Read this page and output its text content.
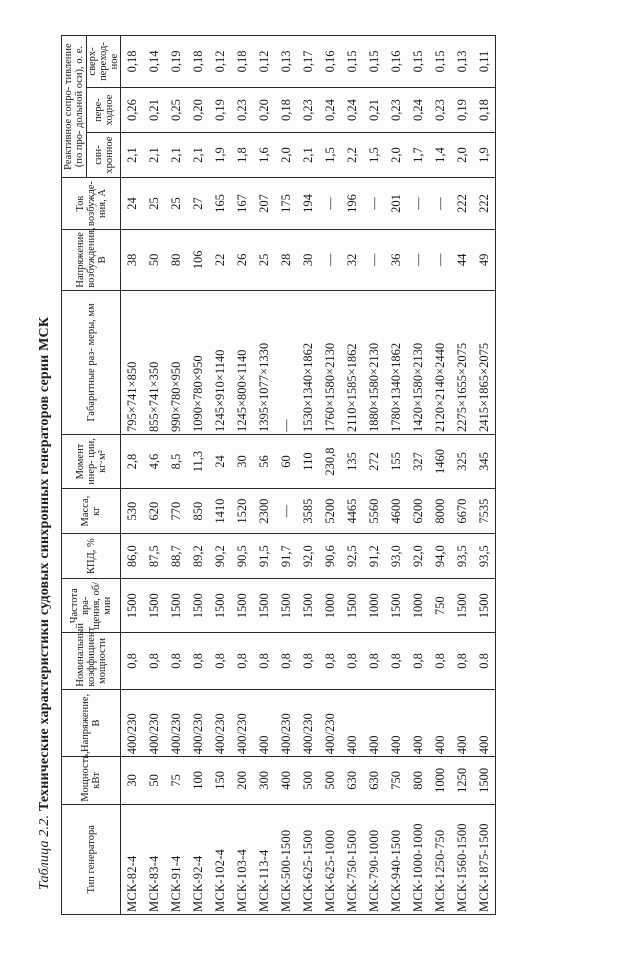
Таблица 2.2. Технические характеристики судовых синхронных генераторов серии МСК
Тип генератора	Мощность, кВт	Напряжение, В	Номинальный коэффициент мощности	Частота вра- щения, об/мин	КПД, %	Масса, кг	Момент инер- ции, кг·м²	Габаритные раз- меры, мм	Напряжение возбуждения, В	Ток возбужде- ния, А	Реактивное сопро- тивление (по про- дольной оси), о. е.		
											син- хронное	пере- ходное	сверх- переход- ное
МСК-82-4	30	400/230	0,8	1500	86,0	530	2,8	795×741×850	38	24	2,1	0,26	0,18
МСК-83-4	50	400/230	0,8	1500	87,5	620	4,6	855×741×350	50	25	2,1	0,21	0,14
МСК-91-4	75	400/230	0,8	1500	88,7	770	8,5	990×780×950	80	25	2,1	0,25	0,19
МСК-92-4	100	400/230	0,8	1500	89,2	850	11,3	1090×780×950	106	27	2,1	0,20	0,18
МСК-102-4	150	400/230	0,8	1500	90,2	1410	24	1245×910×1140	22	165	1,9	0,19	0,12
МСК-103-4	200	400/230	0,8	1500	90,5	1520	30	1245×800×1140	26	167	1,8	0,23	0,18
МСК-113-4	300	400	0,8	1500	91,5	2300	56	1395×1077×1330	25	207	1,6	0,20	0,12
МСК-500-1500	400	400/230	0,8	1500	91,7	—	60	—	28	175	2,0	0,18	0,13
МСК-625-1500	500	400/230	0,8	1500	92,0	3585	110	1530×1340×1862	30	194	2,1	0,23	0,17
МСК-625-1000	500	400/230	0,8	1000	90,6	5200	230,8	1760×1580×2130	—	—	1,5	0,24	0,16
МСК-750-1500	630	400	0,8	1500	92,5	4465	135	2110×1585×1862	32	196	2,2	0,24	0,15
МСК-790-1000	630	400	0,8	1000	91,2	5560	272	1880×1580×2130	—	—	1,5	0,21	0,15
МСК-940-1500	750	400	0,8	1500	93,0	4600	155	1780×1340×1862	36	201	2,0	0,23	0,16
МСК-1000-1000	800	400	0,8	1000	92,0	6200	327	1420×1580×2130	—	—	1,7	0,24	0,15
МСК-1250-750	1000	400	0,8	750	94,0	8000	1460	2120×2140×2440	—	—	1,4	0,23	0,15
МСК-1560-1500	1250	400	0,8	1500	93,5	6670	325	2275×1655×2075	44	222	2,0	0,19	0,13
МСК-1875-1500	1500	400	0.8	1500	93,5	7535	345	2415×1865×2075	49	222	1,9	0,18	0,11
